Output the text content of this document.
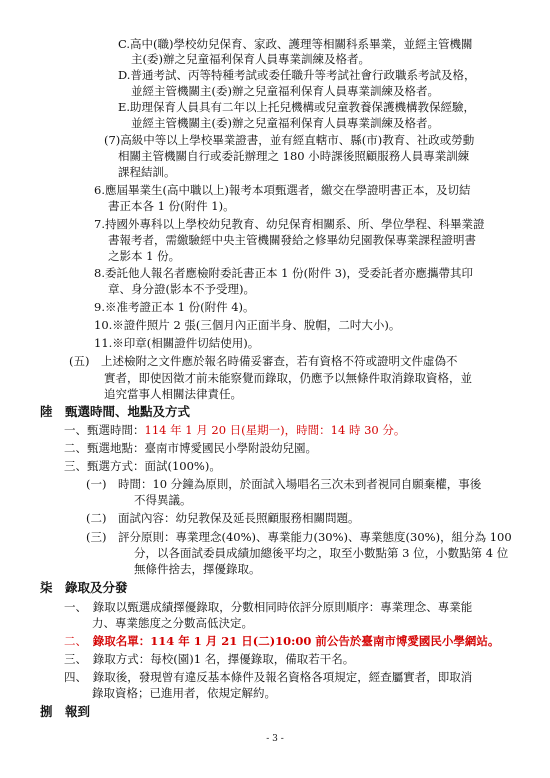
C.高中(職)學校幼兒保育、家政、護理等相關科系畢業，並經主管機關
主(委)辦之兒童福利保育人員專業訓練及格者。
D.普通考試、丙等特種考試或委任職升等考試社會行政職系考試及格，
並經主管機關主(委)辦之兒童福利保育人員專業訓練及格者。
E.助理保育人員具有二年以上托兒機構或兒童教養保護機構教保經驗，
並經主管機關主(委)辦之兒童福利保育人員專業訓練及格者。
(7)高級中等以上學校畢業證書，並有經直轄市、縣(市)教育、社政或勞動
相關主管機關自行或委託辦理之 180 小時課後照顧服務人員專業訓練
課程結訓。
6.應屆畢業生(高中職以上)報考本項甄選者，繳交在學證明書正本，及切結
書正本各 1 份(附件 1)。
7.持國外專科以上學校幼兒教育、幼兒保育相關系、所、學位學程、科畢業證
書報考者，需繳驗經中央主管機關發給之修畢幼兒園教保專業課程證明書
之影本 1 份。
8.委託他人報名者應檢附委託書正本 1 份(附件 3)，受委託者亦應攜帶其印
章、身分證(影本不予受理)。
9.※准考證正本 1 份(附件 4)。
10.※證件照片 2 張(三個月內正面半身、脫帽，二吋大小)。
11.※印章(相關證件切結使用)。
(五)　上述檢附之文件應於報名時備妥審查，若有資格不符或證明文件虛偽不
實者，即使因徵才前未能察覺而錄取，仍應予以無條件取消錄取資格，並
追究當事人相關法律責任。
陸　甄選時間、地點及方式
一、甄選時間：114 年 1 月 20 日(星期一)，時間：14 時 30 分。
二、甄選地點：臺南市博愛國民小學附設幼兒園。
三、甄選方式：面試(100%)。
(一)　時間：10 分鐘為原則，於面試入場唱名三次未到者視同自願棄權，事後
不得異議。
(二)　面試內容：幼兒教保及延長照顧服務相關問題。
(三)　評分原則：專業理念(40%)、專業能力(30%)、專業態度(30%)，組分為 100
分，以各面試委員成績加總後平均之，取至小數點第 3 位，小數點第 4 位
無條件捨去，擇優錄取。
柒　錄取及分發
一、　錄取以甄選成績擇優錄取，分數相同時依評分原則順序：專業理念、專業能
力、專業態度之分數高低決定。
二、　錄取名單：114 年 1 月 21 日(二)10:00 前公告於臺南市博愛國民小學網站。
三、　錄取方式：每校(園)1 名，擇優錄取，備取若干名。
四、　錄取後，發現曾有違反基本條件及報名資格各項規定，經查屬實者，即取消
錄取資格；已進用者，依規定解約。
捌　報到
- 3 -
